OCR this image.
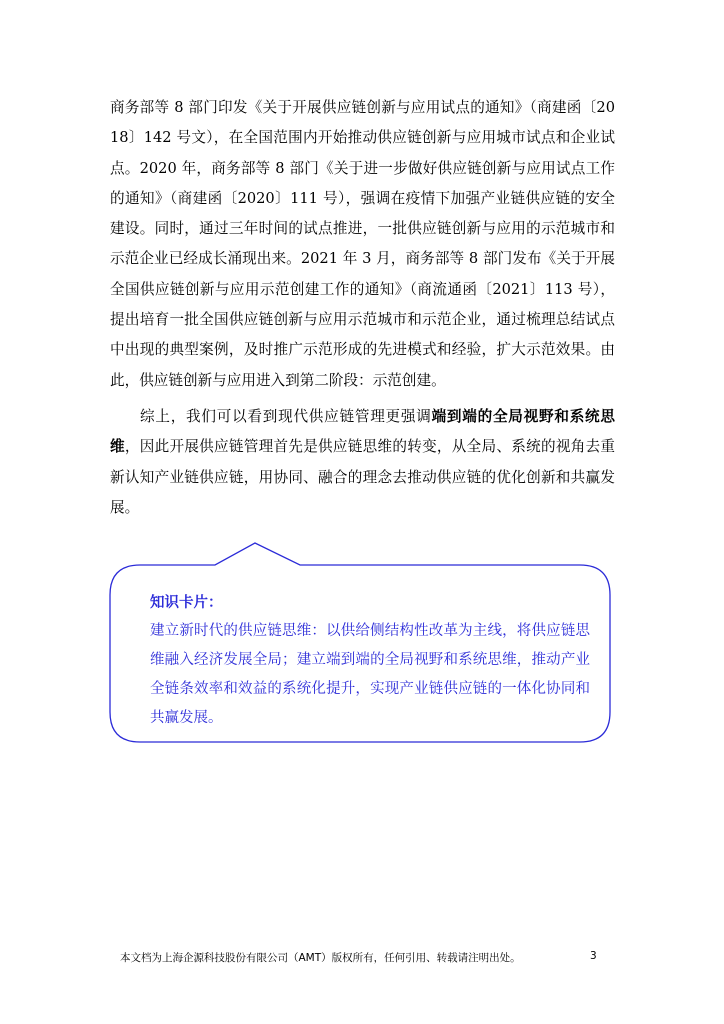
商务部等 8 部门印发《关于开展供应链创新与应用试点的通知》（商建函〔2018〕142 号文），在全国范围内开始推动供应链创新与应用城市试点和企业试点。2020 年，商务部等 8 部门《关于进一步做好供应链创新与应用试点工作的通知》（商建函〔2020〕111 号），强调在疫情下加强产业链供应链的安全建设。同时，通过三年时间的试点推进，一批供应链创新与应用的示范城市和示范企业已经成长涌现出来。2021 年 3 月，商务部等 8 部门发布《关于开展全国供应链创新与应用示范创建工作的通知》（商流通函〔2021〕113 号），提出培育一批全国供应链创新与应用示范城市和示范企业，通过梳理总结试点中出现的典型案例，及时推广示范形成的先进模式和经验，扩大示范效果。由此，供应链创新与应用进入到第二阶段：示范创建。

综上，我们可以看到现代供应链管理更强调端到端的全局视野和系统思维，因此开展供应链管理首先是供应链思维的转变，从全局、系统的视角去重新认知产业链供应链，用协同、融合的理念去推动供应链的优化创新和共赢发展。

知识卡片：

建立新时代的供应链思维：以供给侧结构性改革为主线，将供应链思维融入经济发展全局；建立端到端的全局视野和系统思维，推动产业全链条效率和效益的系统化提升，实现产业链供应链的一体化协同和共赢发展。

本文档为上海企源科技股份有限公司（AMT）版权所有，任何引用、转载请注明出处。	3
